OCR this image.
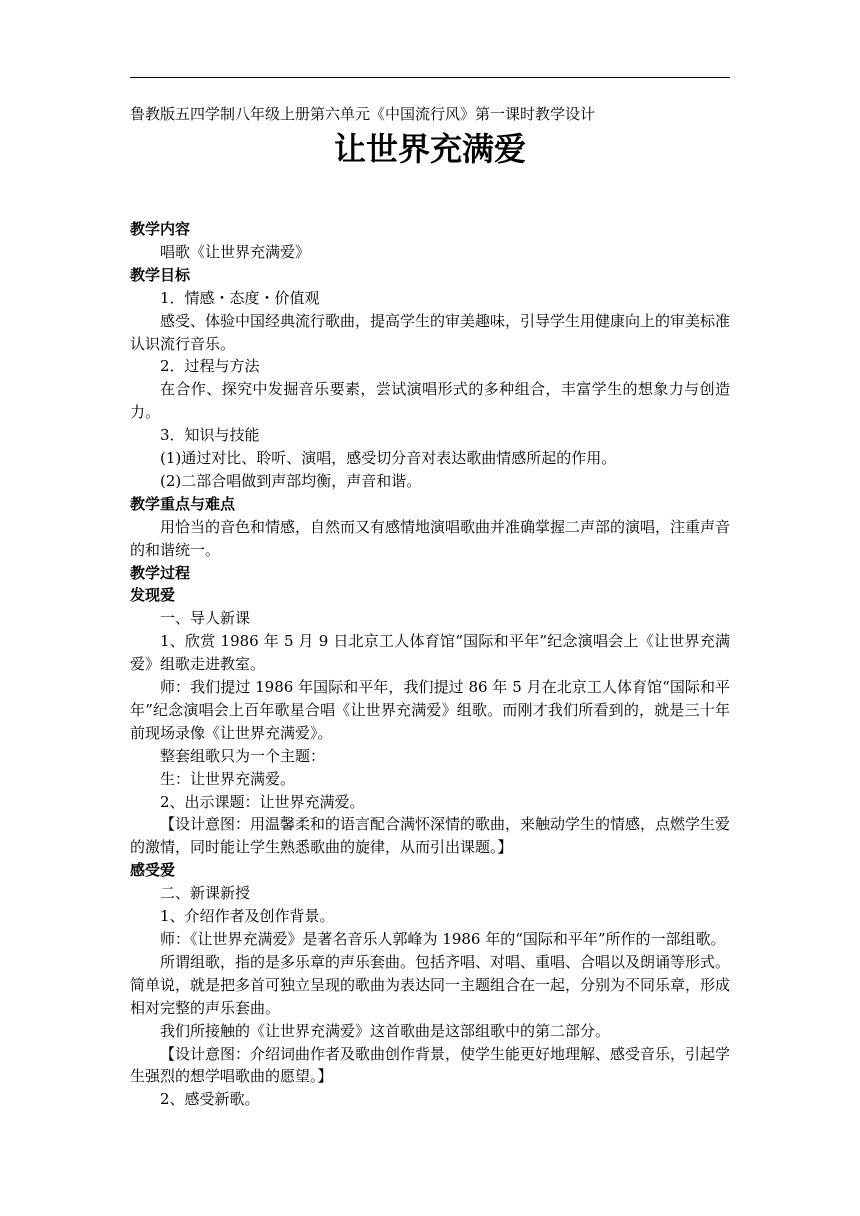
鲁教版五四学制八年级上册第六单元《中国流行风》第一课时教学设计
让世界充满爱
教学内容
唱歌《让世界充满爱》
教学目标
1．情感・态度・价值观
感受、体验中国经典流行歌曲，提高学生的审美趣味，引导学生用健康向上的审美标准认识流行音乐。
2．过程与方法
在合作、探究中发掘音乐要素，尝试演唱形式的多种组合，丰富学生的想象力与创造力。
3．知识与技能
(1)通过对比、聆听、演唱，感受切分音对表达歌曲情感所起的作用。
(2)二部合唱做到声部均衡，声音和谐。
教学重点与难点
用恰当的音色和情感，自然而又有感情地演唱歌曲并准确掌握二声部的演唱，注重声音的和谐统一。
教学过程
发现爱
一、导人新课
1、欣赏 1986 年 5 月 9 日北京工人体育馆“国际和平年”纪念演唱会上《让世界充满爱》组歌走进教室。
师：我们提过 1986 年国际和平年，我们提过 86 年 5 月在北京工人体育馆“国际和平年”纪念演唱会上百年歌星合唱《让世界充满爱》组歌。而刚才我们所看到的，就是三十年前现场录像《让世界充满爱》。
整套组歌只为一个主题：
生：让世界充满爱。
2、出示课题：让世界充满爱。
【设计意图：用温馨柔和的语言配合满怀深情的歌曲，来触动学生的情感，点燃学生爱的激情，同时能让学生熟悉歌曲的旋律，从而引出课题。】
感受爱
二、新课新授
1、介绍作者及创作背景。
师：《让世界充满爱》是著名音乐人郭峰为 1986 年的“国际和平年”所作的一部组歌。
所谓组歌，指的是多乐章的声乐套曲。包括齐唱、对唱、重唱、合唱以及朗诵等形式。简单说，就是把多首可独立呈现的歌曲为表达同一主题组合在一起，分别为不同乐章，形成相对完整的声乐套曲。
我们所接触的《让世界充满爱》这首歌曲是这部组歌中的第二部分。
【设计意图：介绍词曲作者及歌曲创作背景，使学生能更好地理解、感受音乐，引起学生强烈的想学唱歌曲的愿望。】
2、感受新歌。
